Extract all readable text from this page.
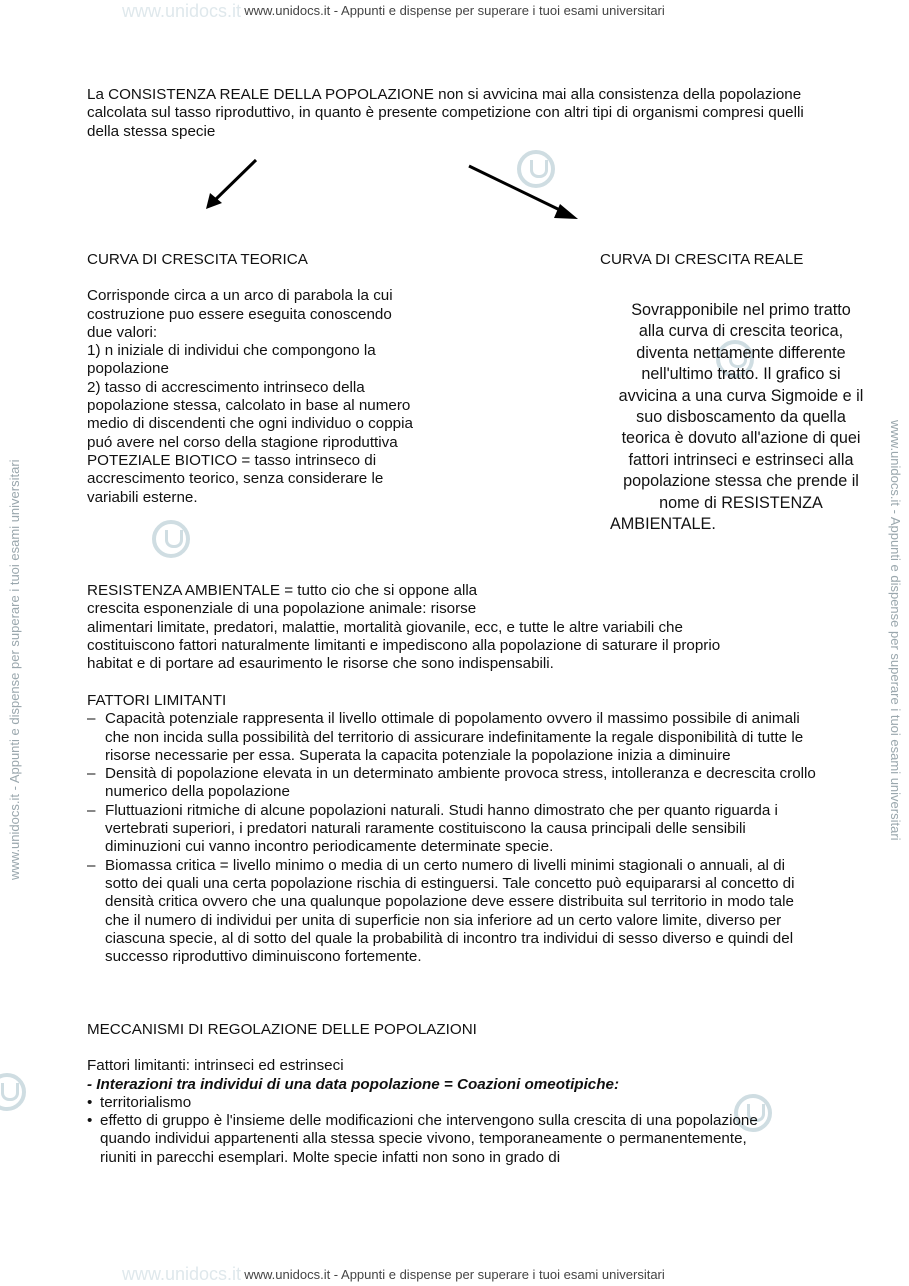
www.unidocs.it
www.unidocs.it
www.unidocs.it - Appunti e dispense per superare i tuoi esami universitari
www.unidocs.it - Appunti e dispense per superare i tuoi esami universitari
www.unidocs.it - Appunti e dispense per superare i tuoi esami universitari	www.unidocs.it - Appunti e dispense per superare i tuoi esami universitari

La CONSISTENZA REALE DELLA POPOLAZIONE non si avvicina mai alla consistenza della popolazione calcolata sul tasso riproduttivo, in quanto è presente competizione con altri tipi di organismi compresi quelli della stessa specie

CURVA DI CRESCITA TEORICA

Corrisponde circa a un arco di parabola la cui

costruzione puo essere eseguita conoscendo

due valori:

1) n iniziale di individui che compongono la

popolazione

2) tasso di accrescimento intrinseco della

popolazione stessa, calcolato in base al numero

medio di discendenti che ogni individuo o coppia

puó avere nel corso della stagione riproduttiva

POTEZIALE BIOTICO = tasso intrinseco di

accrescimento teorico, senza considerare le

variabili esterne.

CURVA DI CRESCITA REALE

Sovrapponibile nel primo tratto

alla curva di crescita teorica,

diventa nettamente differente

nell'ultimo tratto. Il grafico si

avvicina a una curva Sigmoide e il

suo disboscamento da quella

teorica è dovuto all'azione di quei

fattori intrinseci e estrinseci alla

popolazione stessa che prende il

nome di RESISTENZA

AMBIENTALE.

RESISTENZA AMBIENTALE = tutto cio che si oppone alla

crescita esponenziale di una popolazione animale: risorse

alimentari limitate, predatori, malattie, mortalità giovanile, ecc, e tutte le altre variabili che

costituiscono fattori naturalmente limitanti e impediscono alla popolazione di saturare il proprio

habitat e di portare ad esaurimento le risorse che sono indispensabili.

FATTORI LIMITANTI

– Capacità potenziale rappresenta il livello ottimale di popolamento ovvero il massimo possibile di animali che non incida sulla possibilità del territorio di assicurare indefinitamente la regale disponibilità di tutte le risorse necessarie per essa. Superata la capacita potenziale la popolazione inizia a diminuire
– Densità di popolazione elevata in un determinato ambiente provoca stress, intolleranza e decrescita crollo numerico della popolazione
– Fluttuazioni ritmiche di alcune popolazioni naturali. Studi hanno dimostrato che per quanto riguarda i vertebrati superiori, i predatori naturali raramente costituiscono la causa principali delle sensibili diminuzioni cui vanno incontro periodicamente determinate specie.
– Biomassa critica = livello minimo o media di un certo numero di livelli minimi stagionali o annuali, al di sotto dei quali una certa popolazione rischia di estinguersi. Tale concetto può equipararsi al concetto di densità critica ovvero che una qualunque popolazione deve essere distribuita sul territorio in modo tale che il numero di individui per unita di superficie non sia inferiore ad un certo valore limite, diverso per ciascuna specie, al di sotto del quale la probabilità di incontro tra individui di sesso diverso e quindi del successo riproduttivo diminuiscono fortemente.

MECCANISMI DI REGOLAZIONE DELLE POPOLAZIONI

Fattori limitanti: intrinseci ed estrinseci

- Interazioni tra individui di una data popolazione = Coazioni omeotipiche:

• territorialismo
• effetto di gruppo è l'insieme delle modificazioni che intervengono sulla crescita di una popolazione quando individui appartenenti alla stessa specie vivono, temporaneamente o permanentemente, riuniti in parecchi esemplari. Molte specie infatti non sono in grado di
